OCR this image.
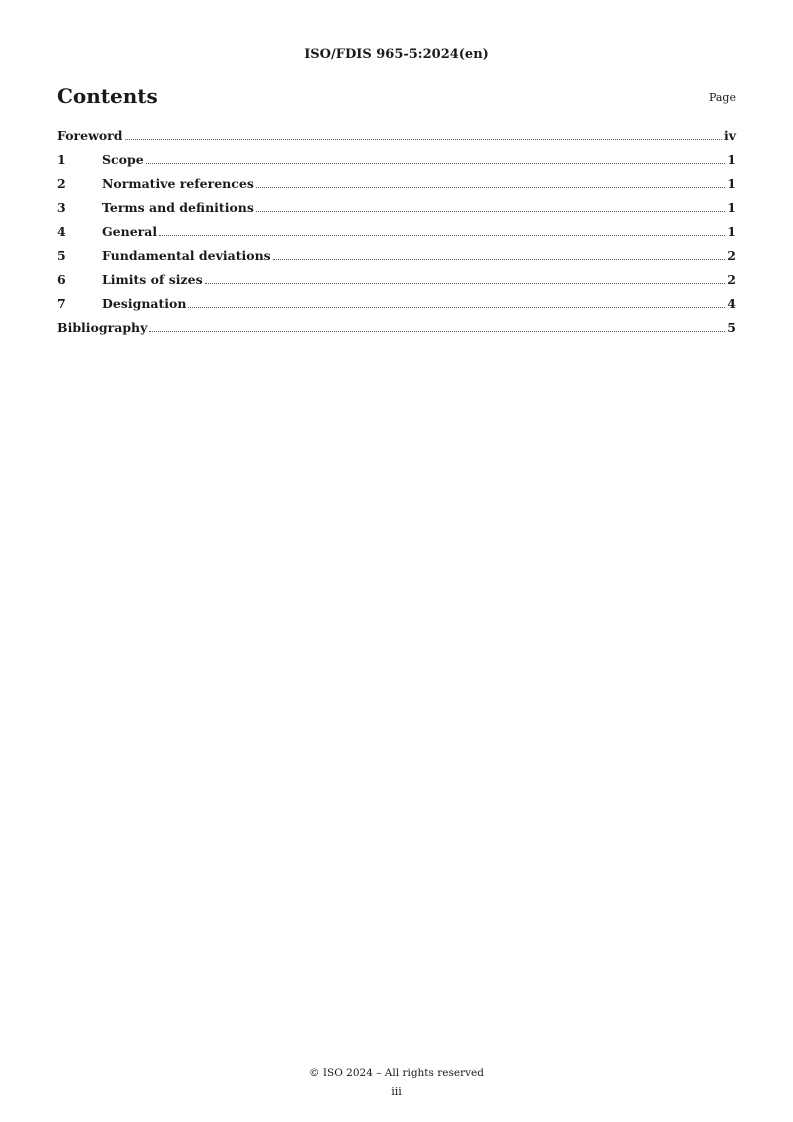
ISO/FDIS 965-5:2024(en)
Contents	Page
Foreword	iv
1	Scope	1
2	Normative references	1
3	Terms and definitions	1
4	General	1
5	Fundamental deviations	2
6	Limits of sizes	2
7	Designation	4
Bibliography	5
© ISO 2024 – All rights reserved
iii
